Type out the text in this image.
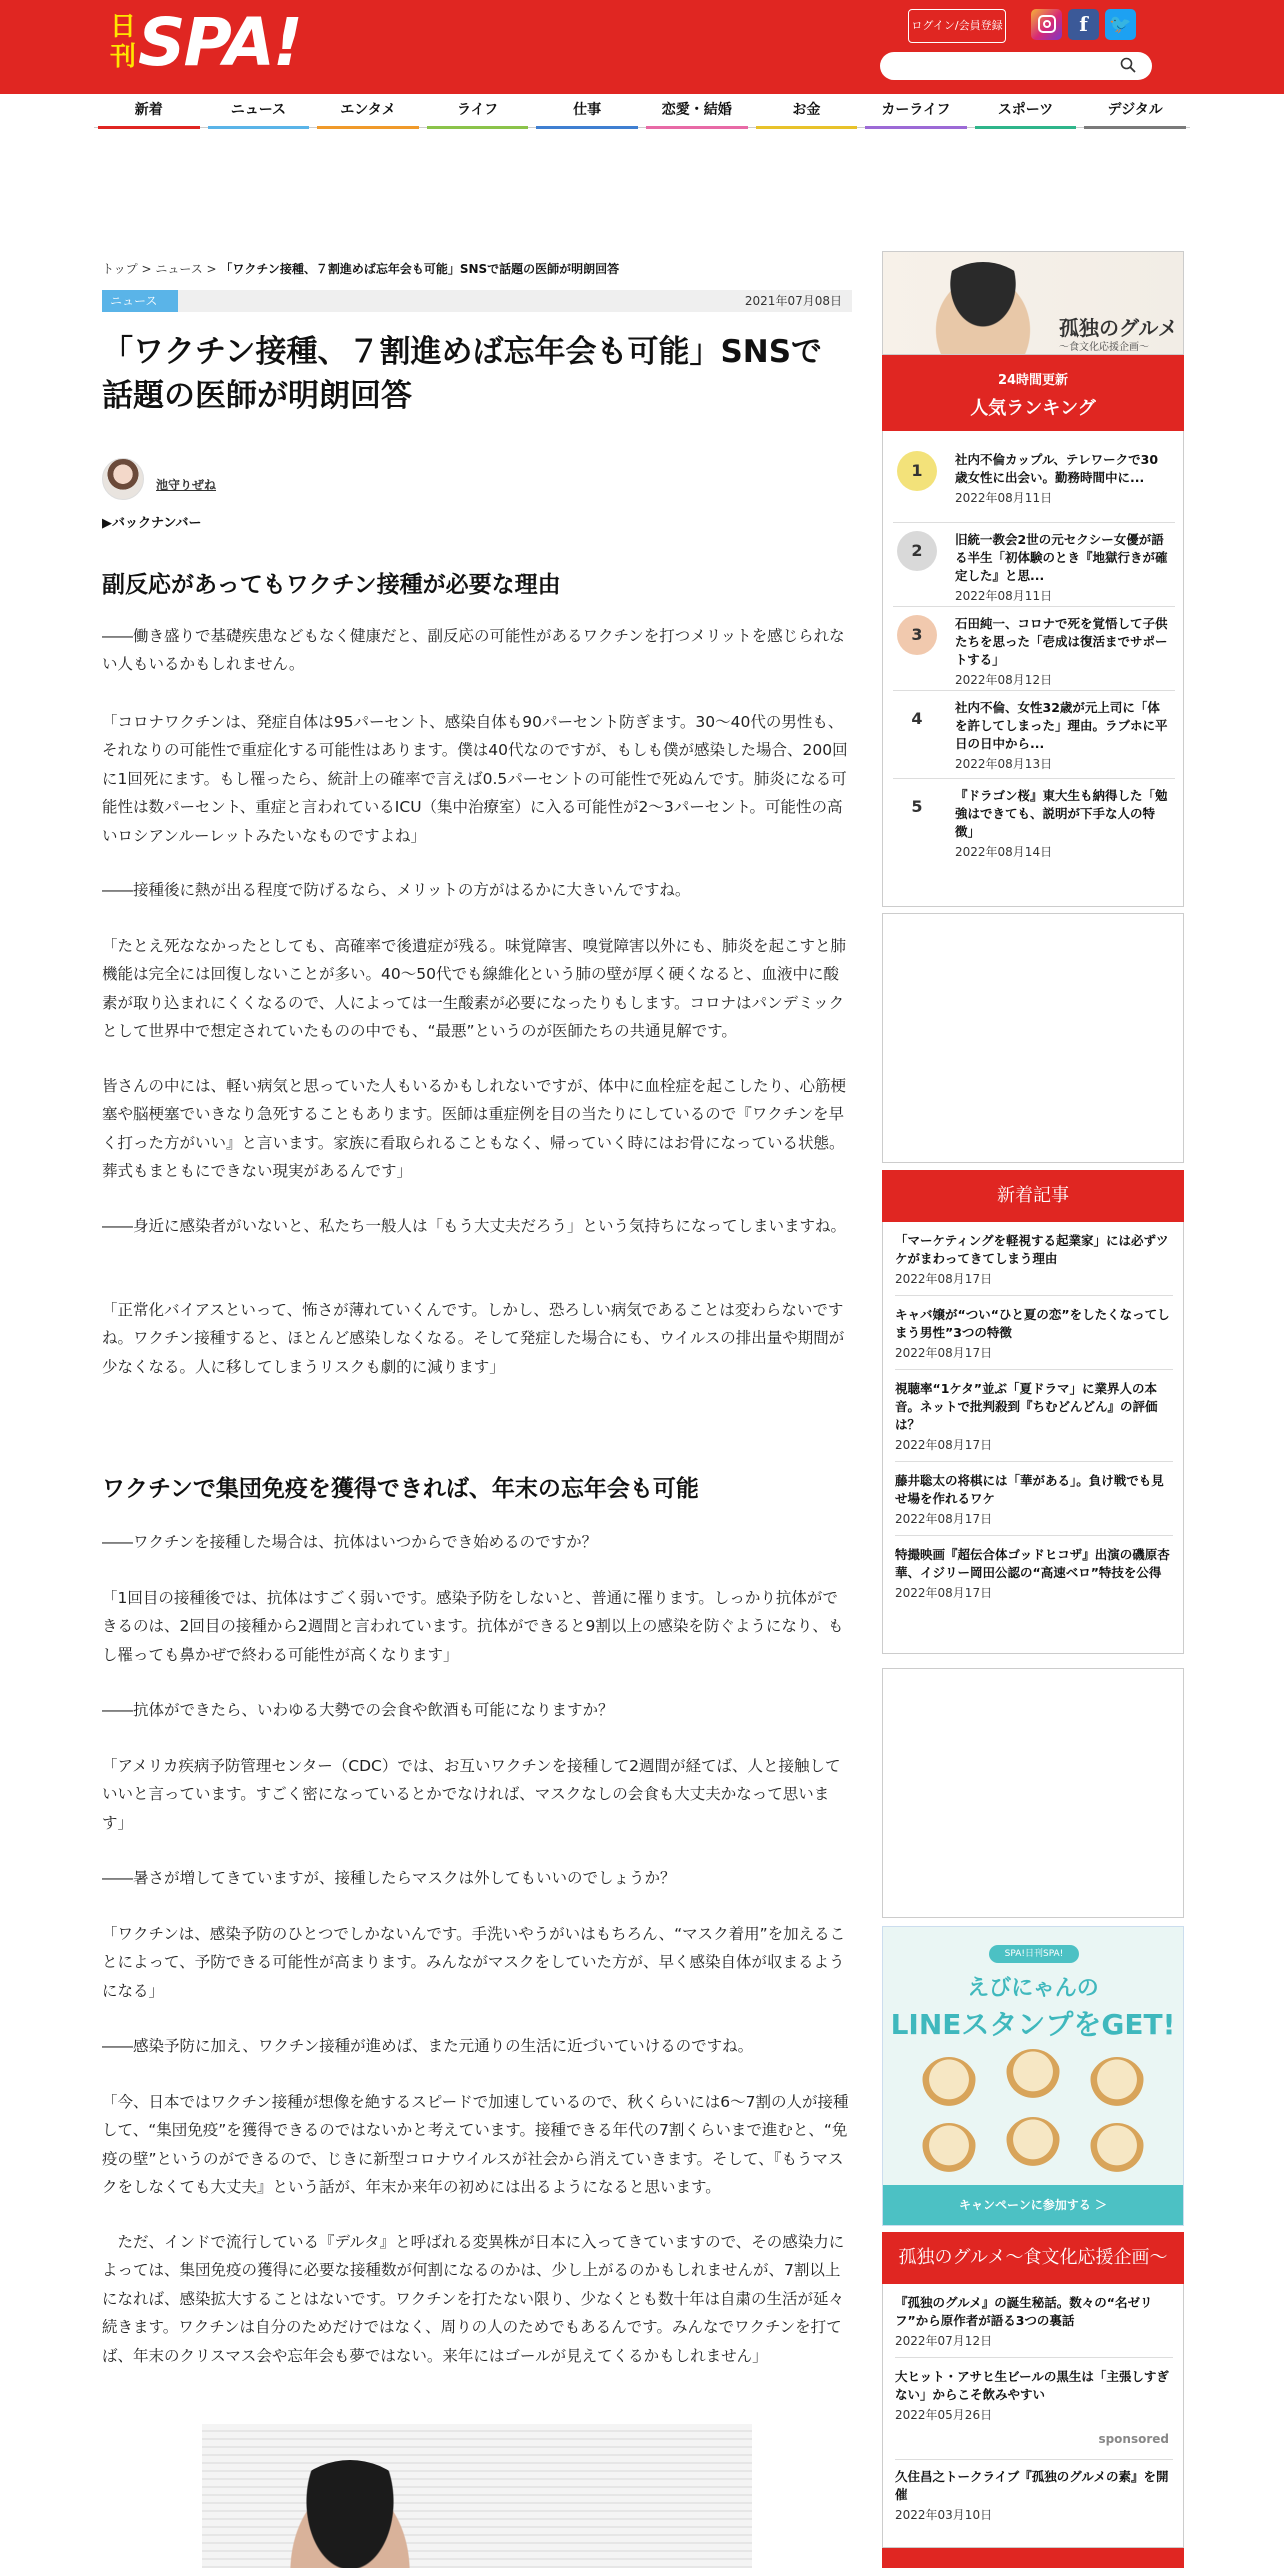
日刊 SPA!	ログイン/会員登録	f	🐦
新着	ニュース	エンタメ	ライフ	仕事	恋愛・結婚	お金	カーライフ	スポーツ	デジタル
トップ > ニュース > 「ワクチン接種、７割進めば忘年会も可能」SNSで話題の医師が明朗回答
ニュース	2021年07月08日
「ワクチン接種、７割進めば忘年会も可能」SNSで話題の医師が明朗回答
池守りぜね
▶バックナンバー
副反応があってもワクチン接種が必要な理由

――働き盛りで基礎疾患などもなく健康だと、副反応の可能性があるワクチンを打つメリットを感じられない人もいるかもしれません。

「コロナワクチンは、発症自体は95パーセント、感染自体も90パーセント防ぎます。30〜40代の男性も、それなりの可能性で重症化する可能性はあります。僕は40代なのですが、もしも僕が感染した場合、200回に1回死にます。もし罹ったら、統計上の確率で言えば0.5パーセントの可能性で死ぬんです。肺炎になる可能性は数パーセント、重症と言われているICU（集中治療室）に入る可能性が2〜3パーセント。可能性の高いロシアンルーレットみたいなものですよね」

――接種後に熱が出る程度で防げるなら、メリットの方がはるかに大きいんですね。

「たとえ死ななかったとしても、高確率で後遺症が残る。味覚障害、嗅覚障害以外にも、肺炎を起こすと肺機能は完全には回復しないことが多い。40〜50代でも線維化という肺の壁が厚く硬くなると、血液中に酸素が取り込まれにくくなるので、人によっては一生酸素が必要になったりもします。コロナはパンデミックとして世界中で想定されていたものの中でも、“最悪”というのが医師たちの共通見解です。

皆さんの中には、軽い病気と思っていた人もいるかもしれないですが、体中に血栓症を起こしたり、心筋梗塞や脳梗塞でいきなり急死することもあります。医師は重症例を目の当たりにしているので『ワクチンを早く打った方がいい』と言います。家族に看取られることもなく、帰っていく時にはお骨になっている状態。葬式もまともにできない現実があるんです」

――身近に感染者がいないと、私たち一般人は「もう大丈夫だろう」という気持ちになってしまいますね。

「正常化バイアスといって、怖さが薄れていくんです。しかし、恐ろしい病気であることは変わらないですね。ワクチン接種すると、ほとんど感染しなくなる。そして発症した場合にも、ウイルスの排出量や期間が少なくなる。人に移してしまうリスクも劇的に減ります」

ワクチンで集団免疫を獲得できれば、年末の忘年会も可能

――ワクチンを接種した場合は、抗体はいつからでき始めるのですか？

「1回目の接種後では、抗体はすごく弱いです。感染予防をしないと、普通に罹ります。しっかり抗体ができるのは、2回目の接種から2週間と言われています。抗体ができると9割以上の感染を防ぐようになり、もし罹っても鼻かぜで終わる可能性が高くなります」

――抗体ができたら、いわゆる大勢での会食や飲酒も可能になりますか？

「アメリカ疾病予防管理センター（CDC）では、お互いワクチンを接種して2週間が経てば、人と接触していいと言っています。すごく密になっているとかでなければ、マスクなしの会食も大丈夫かなって思います」

――暑さが増してきていますが、接種したらマスクは外してもいいのでしょうか？

「ワクチンは、感染予防のひとつでしかないんです。手洗いやうがいはもちろん、“マスク着用”を加えることによって、予防できる可能性が高まります。みんながマスクをしていた方が、早く感染自体が収まるようになる」

――感染予防に加え、ワクチン接種が進めば、また元通りの生活に近づいていけるのですね。

「今、日本ではワクチン接種が想像を絶するスピードで加速しているので、秋くらいには6〜7割の人が接種して、“集団免疫”を獲得できるのではないかと考えています。接種できる年代の7割くらいまで進むと、“免疫の壁”というのができるので、じきに新型コロナウイルスが社会から消えていきます。そして、『もうマスクをしなくても大丈夫』という話が、年末か来年の初めには出るようになると思います。

　ただ、インドで流行している『デルタ』と呼ばれる変異株が日本に入ってきていますので、その感染力によっては、集団免疫の獲得に必要な接種数が何割になるのかは、少し上がるのかもしれませんが、7割以上になれば、感染拡大することはないです。ワクチンを打たない限り、少なくとも数十年は自粛の生活が延々続きます。ワクチンは自分のためだけではなく、周りの人のためでもあるんです。みんなでワクチンを打てば、年末のクリスマス会や忘年会も夢ではない。来年にはゴールが見えてくるかもしれません」

孤独のグルメ
〜食文化応援企画〜
24時間更新
人気ランキング
1
社内不倫カップル、テレワークで30歳女性に出会い。勤務時間中に...
2022年08月11日
2
旧統一教会2世の元セクシー女優が語る半生「初体験のとき『地獄行きが確定した』と思...
2022年08月11日
3
石田純一、コロナで死を覚悟して子供たちを思った「壱成は復活までサポートする」
2022年08月12日
4
社内不倫、女性32歳が元上司に「体を許してしまった」理由。ラブホに平日の日中から...
2022年08月13日
5
『ドラゴン桜』東大生も納得した「勉強はできても、説明が下手な人の特徴」
2022年08月14日
新着記事
「マーケティングを軽視する起業家」には必ずツケがまわってきてしまう理由
2022年08月17日
キャバ嬢が“つい“ひと夏の恋”をしたくなってしまう男性”3つの特徴
2022年08月17日
視聴率“1ケタ”並ぶ「夏ドラマ」に業界人の本音。ネットで批判殺到『ちむどんどん』の評価は？
2022年08月17日
藤井聡太の将棋には「華がある」。負け戦でも見せ場を作れるワケ
2022年08月17日
特撮映画『超伝合体ゴッドヒコザ』出演の磯原杏華、イジリー岡田公認の“高速ベロ”特技を公得
2022年08月17日
SPA!日刊SPA!
えびにゃんの
LINEスタンプをGET!
キャンペーンに参加する ＞
孤独のグルメ～食文化応援企画～
sponsored
『孤独のグルメ』の誕生秘話。数々の“名ゼリフ”から原作者が語る3つの裏話
2022年07月12日
大ヒット・アサヒ生ビールの黒生は「主張しすぎない」からこそ飲みやすい
2022年05月26日
久住昌之トークライブ『孤独のグルメの素』を開催
2022年03月10日
